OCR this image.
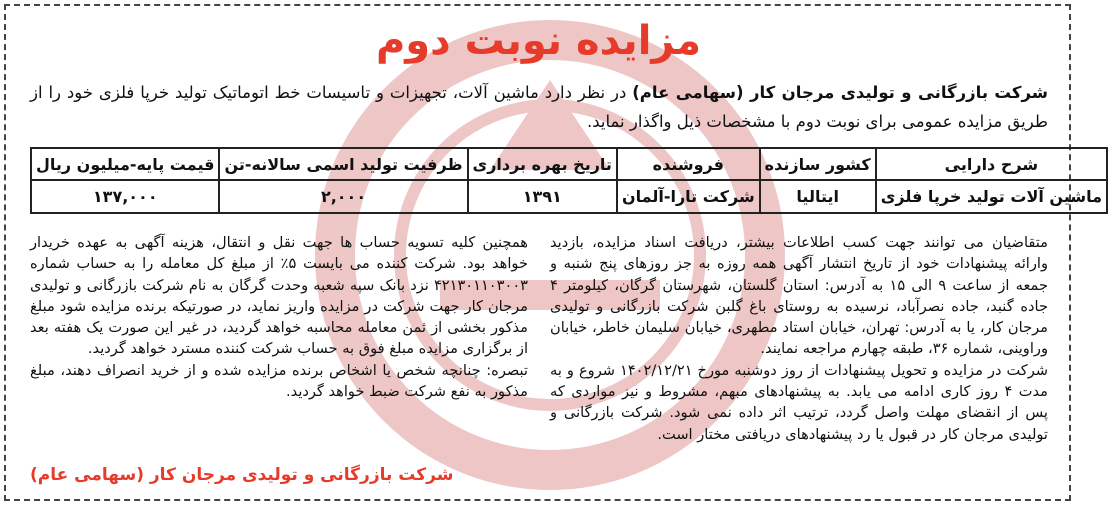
مزایده نوبت دوم
شرکت بازرگانی و تولیدی مرجان کار (سهامی عام) در نظر دارد ماشین آلات، تجهیزات و تاسیسات خط اتوماتیک تولید خرپا فلزی خود را از طریق مزایده عمومی برای نوبت دوم با مشخصات ذیل واگذار نماید.
شرح دارایی	کشور سازنده	فروشنده	تاریخ بهره برداری	ظرفیت تولید اسمی سالانه-تن	قیمت پایه-میلیون ریال
ماشین آلات تولید خرپا فلزی	ایتالیا	شرکت تارا-آلمان	۱۳۹۱	۲,۰۰۰	۱۳۷,۰۰۰

متقاضیان می توانند جهت کسب اطلاعات بیشتر، دریافت اسناد مزایده، بازدید وارائه پیشنهادات خود از تاریخ انتشار آگهی همه روزه به جز روزهای پنج شنبه و جمعه از ساعت ۹ الی ۱۵ به آدرس: استان گلستان، شهرستان گرگان، کیلومتر ۴ جاده گنبد، جاده نصرآباد، نرسیده به روستای باغ گلبن شرکت بازرگانی و تولیدی مرجان کار، یا به آدرس: تهران، خیابان استاد مطهری، خیابان سلیمان خاطر، خیابان وراوینی، شماره ۳۶، طبقه چهارم مراجعه نمایند.

شرکت در مزایده و تحویل پیشنهادات از روز دوشنبه مورخ ۱۴۰۲/۱۲/۲۱ شروع و به مدت ۴ روز کاری ادامه می یابد. به پیشنهادهای مبهم، مشروط و نیز مواردی که پس از انقضای مهلت واصل گردد، ترتیب اثر داده نمی شود. شرکت بازرگانی و تولیدی مرجان کار در قبول یا رد پیشنهادهای دریافتی مختار است.

همچنین کلیه تسویه حساب ها جهت نقل و انتقال، هزینه آگهی به عهده خریدار خواهد بود. شرکت کننده می بایست ۵٪ از مبلغ کل معامله را به حساب شماره ۴۲۱۳۰۱۱۰۳۰۰۳ نزد بانک سپه شعبه وحدت گرگان به نام شرکت بازرگانی و تولیدی مرجان کار جهت شرکت در مزایده واریز نماید، در صورتیکه برنده مزایده شود مبلغ مذکور بخشی از ثمن معامله محاسبه خواهد گردید، در غیر این صورت یک هفته بعد از برگزاری مزایده مبلغ فوق به حساب شرکت کننده مسترد خواهد گردید.

تبصره: چنانچه شخص یا اشخاص برنده مزایده شده و از خرید انصراف دهند، مبلغ مذکور به نفع شرکت ضبط خواهد گردید.

شرکت بازرگانی و تولیدی مرجان کار (سهامی عام)
